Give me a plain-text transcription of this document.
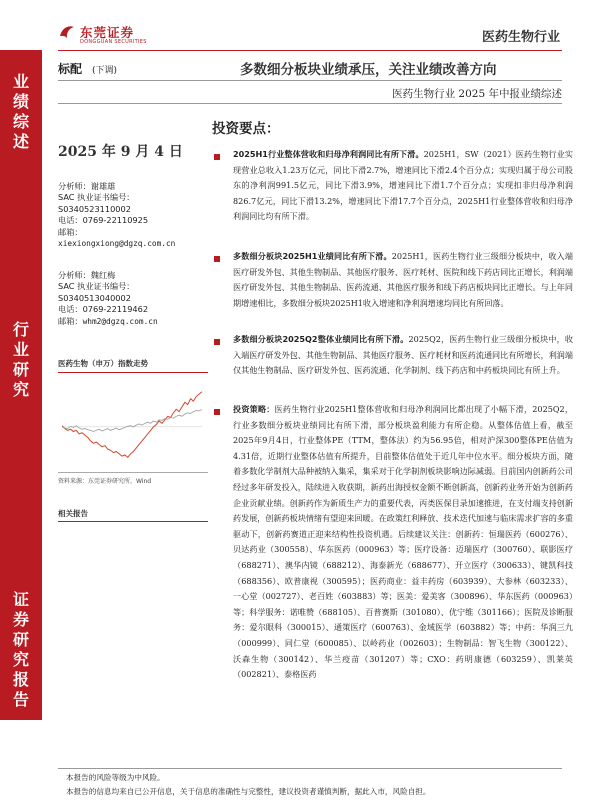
东莞证券
DONGGUAN SECURITIES	医药生物行业
业
绩
综
述
行
业
研
究
证
券
研
究
报
告
标配 (下调)	多数细分板块业绩承压，关注业绩改善方向
医药生物行业 2025 年中报业绩综述
2025 年 9 月 4 日
分析师：谢雄雄
SAC 执业证书编号：
S0340523110002
电话：0769-22110925
邮箱：
xiexiongxiong@dgzq.com.cn
分析师：魏红梅
SAC 执业证书编号：
S0340513040002
电话：0769-22119462
邮箱：whm2@dgzq.com.cn
医药生物（申万）指数走势
资料来源：东莞证券研究所，Wind
相关报告
投资要点：
2025H1行业整体营收和归母净利润同比有所下滑。2025H1，SW（2021）医药生物行业实现营业总收入1.23万亿元，同比下滑2.7%，增速同比下滑2.4个百分点；实现归属于母公司股东的净利润991.5亿元，同比下滑3.9%，增速同比下滑1.7个百分点；实现扣非归母净利润826.7亿元，同比下滑13.2%，增速同比下滑17.7个百分点，2025H1行业整体营收和归母净利润同比均有所下滑。
多数细分板块2025H1业绩同比有所下滑。2025H1，医药生物行业三级细分板块中，收入端医疗研发外包、其他生物制品、其他医疗服务、医疗耗材、医院和线下药店同比正增长，利润端医疗研发外包、其他生物制品、医药流通、其他医疗服务和线下药店板块同比正增长。与上年同期增速相比，多数细分板块2025H1收入增速和净利润增速均同比有所回落。
多数细分板块2025Q2整体业绩同比有所下滑。2025Q2，医药生物行业三级细分板块中，收入端医疗研发外包、其他生物制品、其他医疗服务、医疗耗材和医药流通同比有所增长，利润端仅其他生物制品、医疗研发外包、医药流通、化学制剂、线下药店和中药板块同比有所上升。
投资策略：医药生物行业2025H1整体营收和归母净利润同比都出现了小幅下滑，2025Q2，行业多数细分板块业绩同比有所下滑，部分板块盈利能力有所企稳。从整体估值上看，截至2025年9月4日，行业整体PE（TTM，整体法）约为56.95倍，相对沪深300整体PE估值为4.31倍，近期行业整体估值有所提升，目前整体估值处于近几年中位水平。细分板块方面，随着多数化学制剂大品种被纳入集采，集采对于化学制剂板块影响边际减弱。目前国内创新药公司经过多年研发投入，陆续进入收获期，新药出海授权金额不断创新高，创新药业务开始为创新药企业贡献业绩。创新药作为新质生产力的重要代表，丙类医保目录加速推进，在支付端支持创新药发展，创新药板块情绪有望迎来回暖。在政策红利释放、技术迭代加速与临床需求扩容的多重驱动下，创新药赛道正迎来结构性投资机遇。后续建议关注：创新药：恒瑞医药（600276）、贝达药业（300558）、华东医药（000963）等；医疗设备：迈瑞医疗（300760）、联影医疗（688271）、澳华内镜（688212）、海泰新光（688677）、开立医疗（300633）、键凯科技（688356）、欧普康视（300595）；医药商业：益丰药房（603939）、大参林（603233）、一心堂（002727）、老百姓（603883）等；医美：爱美客（300896）、华东医药（000963）等；科学服务：诺唯赞（688105）、百普赛斯（301080）、优宁维（301166）；医院及诊断服务：爱尔眼科（300015）、通策医疗（600763）、金域医学（603882）等；中药：华润三九（000999）、同仁堂（600085）、以岭药业（002603）；生物制品：智飞生物（300122）、沃森生物（300142）、华兰疫苗（301207）等；CXO：药明康德（603259）、凯莱英（002821）、泰格医药
本报告的风险等级为中风险。
本报告的信息均来自已公开信息，关于信息的准确性与完整性，建议投资者谨慎判断，据此入市，风险自担。
